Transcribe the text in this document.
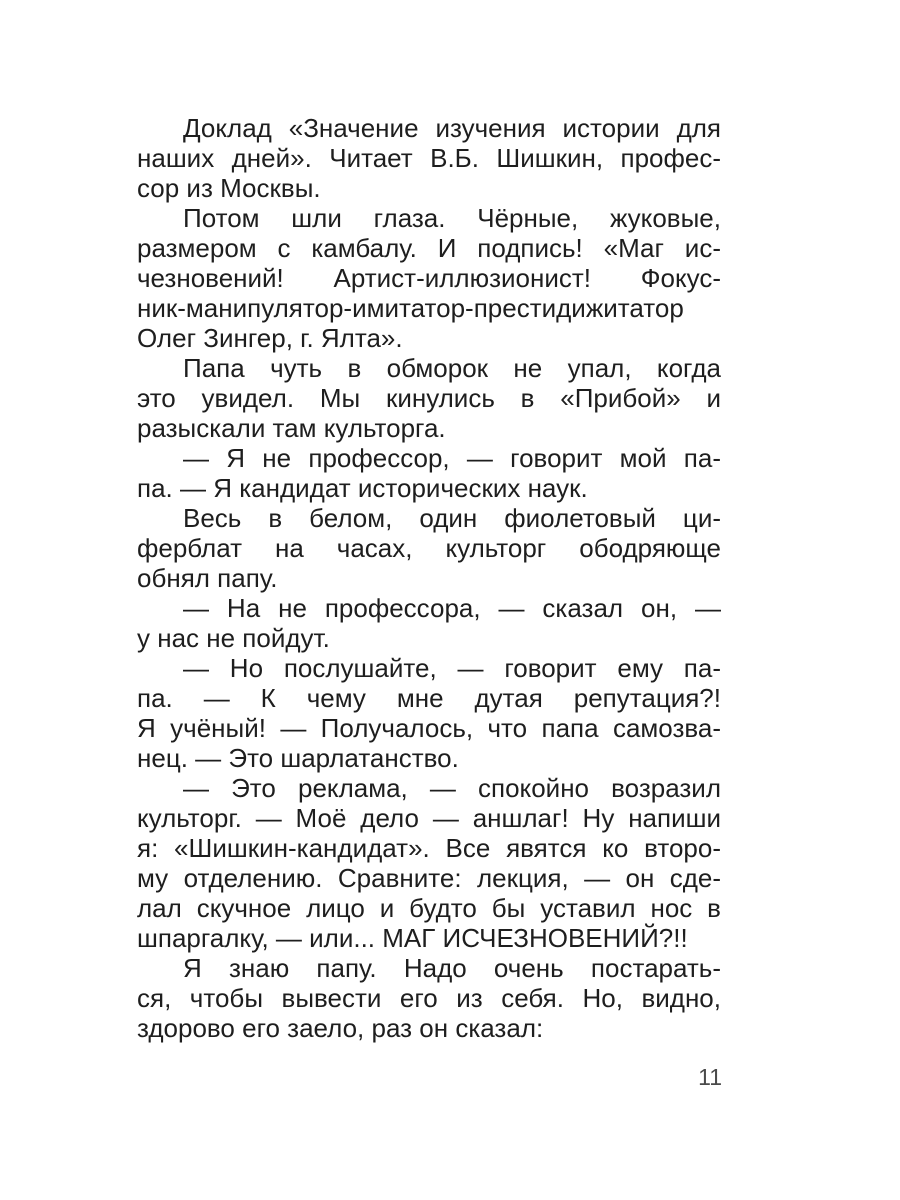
Доклад «Значение изучения истории для
наших дней». Читает В.Б. Шишкин, профес-
сор из Москвы.
Потом шли глаза. Чёрные, жуковые,
размером с камбалу. И подпись! «Маг ис-
чезновений! Артист-иллюзионист! Фокус-
ник-манипулятор-имитатор-престидижитатор
Олег Зингер, г. Ялта».
Папа чуть в обморок не упал, когда
это увидел. Мы кинулись в «Прибой» и
разыскали там культорга.
— Я не профессор, — говорит мой па-
па. — Я кандидат исторических наук.
Весь в белом, один фиолетовый ци-
ферблат на часах, культорг ободряюще
обнял папу.
— На не профессора, — сказал он, —
у нас не пойдут.
— Но послушайте, — говорит ему па-
па. — К чему мне дутая репутация?!
Я учёный! — Получалось, что папа самозва-
нец. — Это шарлатанство.
— Это реклама, — спокойно возразил
культорг. — Моё дело — аншлаг! Ну напиши
я: «Шишкин-кандидат». Все явятся ко второ-
му отделению. Сравните: лекция, — он сде-
лал скучное лицо и будто бы уставил нос в
шпаргалку, — или... МАГ ИСЧЕЗНОВЕНИЙ?!!
Я знаю папу. Надо очень постарать-
ся, чтобы вывести его из себя. Но, видно,
здорово его заело, раз он сказал:
11
